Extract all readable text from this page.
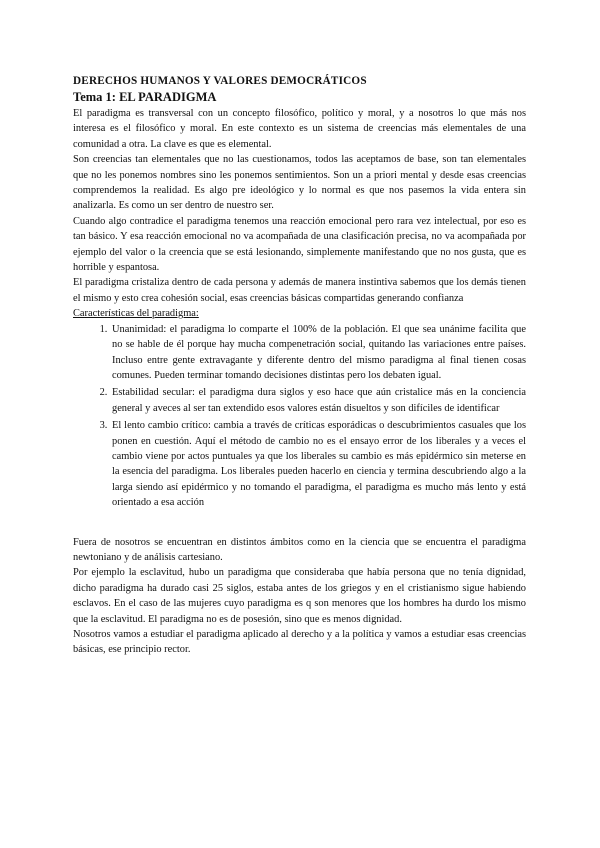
DERECHOS HUMANOS Y VALORES DEMOCRÁTICOS
Tema 1: EL PARADIGMA

El paradigma es transversal con un concepto filosófico, político y moral, y a nosotros lo que más nos interesa es el filosófico y moral. En este contexto es un sistema de creencias más elementales de una comunidad a otra. La clave es que es elemental.

Son creencias tan elementales que no las cuestionamos, todos las aceptamos de base, son tan elementales que no les ponemos nombres sino les ponemos sentimientos. Son un a priori mental y desde esas creencias comprendemos la realidad. Es algo pre ideológico y lo normal es que nos pasemos la vida entera sin analizarla. Es como un ser dentro de nuestro ser.

Cuando algo contradice el paradigma tenemos una reacción emocional pero rara vez intelectual, por eso es tan básico. Y esa reacción emocional no va acompañada de una clasificación precisa, no va acompañada por ejemplo del valor o la creencia que se está lesionando, simplemente manifestando que no nos gusta, que es horrible y espantosa.

El paradigma cristaliza dentro de cada persona y además de manera instintiva sabemos que los demás tienen el mismo y esto crea cohesión social, esas creencias básicas compartidas generando confianza

Características del paradigma:

1. Unanimidad: el paradigma lo comparte el 100% de la población. El que sea unánime facilita que no se hable de él porque hay mucha compenetración social, quitando las variaciones entre países. Incluso entre gente extravagante y diferente dentro del mismo paradigma al final tienen cosas comunes. Pueden terminar tomando decisiones distintas pero los debaten igual.
2. Estabilidad secular: el paradigma dura siglos y eso hace que aún cristalice más en la conciencia general y aveces al ser tan extendido esos valores están disueltos y son difíciles de identificar
3. El lento cambio crítico: cambia a través de críticas esporádicas o descubrimientos casuales que los ponen en cuestión. Aquí el método de cambio no es el ensayo error de los liberales y a veces el cambio viene por actos puntuales ya que los liberales su cambio es más epidérmico sin meterse en la esencia del paradigma. Los liberales pueden hacerlo en ciencia y termina descubriendo algo a la larga siendo así epidérmico y no tomando el paradigma, el paradigma es mucho más lento y está orientado a esa acción

Fuera de nosotros se encuentran en distintos ámbitos como en la ciencia que se encuentra el paradigma newtoniano y de análisis cartesiano.

Por ejemplo la esclavitud, hubo un paradigma que consideraba que había persona que no tenía dignidad, dicho paradigma ha durado casi 25 siglos, estaba antes de los griegos y en el cristianismo sigue habiendo esclavos. En el caso de las mujeres cuyo paradigma es q son menores que los hombres ha durdo los mismo que la esclavitud. El paradigma no es de posesión, sino que es menos dignidad.

Nosotros vamos a estudiar el paradigma aplicado al derecho y a la política y vamos a estudiar esas creencias básicas, ese principio rector.
